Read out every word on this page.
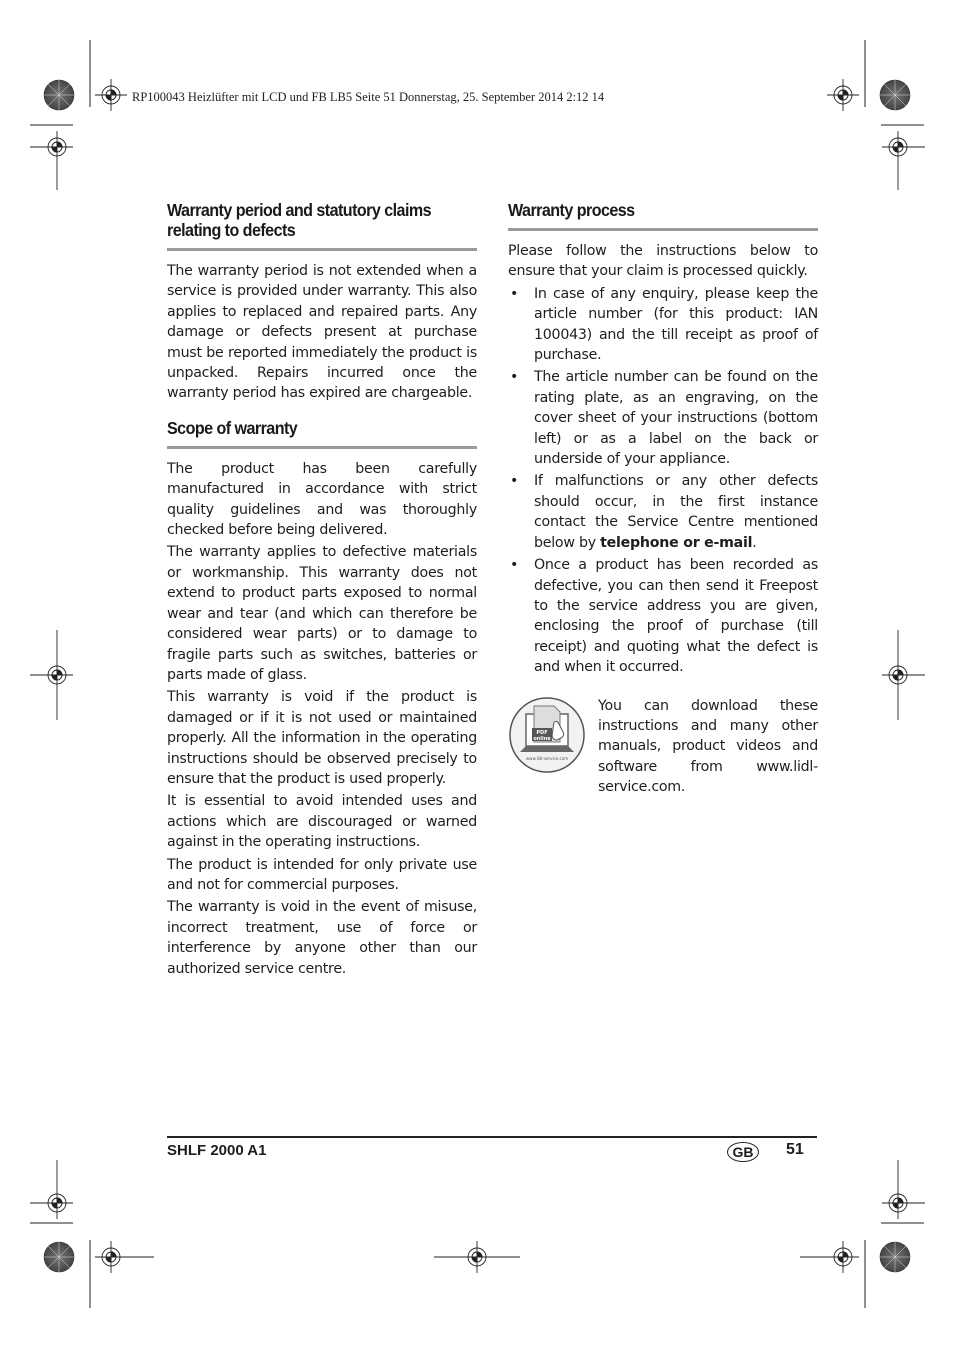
RP100043 Heizlüfter mit LCD und FB LB5 Seite 51 Donnerstag, 25. September 2014 2:12 14
Warranty period and statutory claims relating to defects

The warranty period is not extended when a service is provided under warranty. This also applies to replaced and repaired parts. Any damage or defects present at purchase must be reported immediately the product is unpacked. Repairs incurred once the warranty period has expired are chargeable.

Scope of warranty

The product has been carefully manufactured in accordance with strict quality guidelines and was thoroughly checked before being delivered.

The warranty applies to defective materials or workmanship. This warranty does not extend to product parts exposed to normal wear and tear (and which can therefore be considered wear parts) or to damage to fragile parts such as switches, batteries or parts made of glass.

This warranty is void if the product is damaged or if it is not used or maintained properly. All the information in the operating instructions should be observed precisely to ensure that the product is used properly.

It is essential to avoid intended uses and actions which are discouraged or warned against in the operating instructions.

The product is intended for only private use and not for commercial purposes.

The warranty is void in the event of misuse, incorrect treatment, use of force or interference by anyone other than our authorized service centre.

Warranty process

Please follow the instructions below to ensure that your claim is processed quickly.

• In case of any enquiry, please keep the article number (for this product: IAN 100043) and the till receipt as proof of purchase.
• The article number can be found on the rating plate, as an engraving, on the cover sheet of your instructions (bottom left) or as a label on the back or underside of your appliance.
• If malfunctions or any other defects should occur, in the first instance contact the Service Centre mentioned below by telephone or e-mail.
• Once a product has been recorded as defective, you can then send it Freepost to the service address you are given, enclosing the proof of purchase (till receipt) and quoting what the defect is and when it occurred.
PDF
online
www.lidl-service.com
You can download these instructions and many other manuals, product videos and software from www.lidl-service.com.
SHLF 2000 A1	GB	51
